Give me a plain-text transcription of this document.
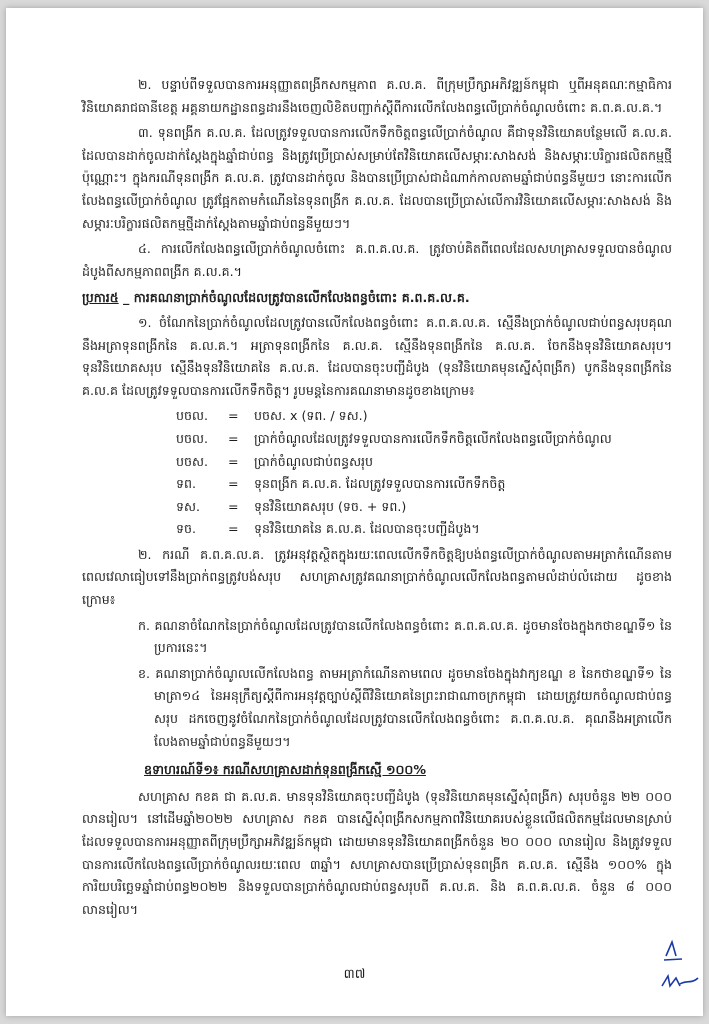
២. បន្ទាប់ពីទទួលបានការអនុញ្ញាតពង្រីកសកម្មភាព គ.ល.គ. ពីក្រុមប្រឹក្សាអភិវឌ្ឍន៍កម្ពុជា ឬពីអនុគណៈកម្មាធិការវិនិយោគរាជធានីខេត្ត អគ្គនាយកដ្ឋានពន្ធដារនឹងចេញលិខិតបញ្ជាក់ស្ដីពីការលើកលែងពន្ធលើប្រាក់ចំណូលចំពោះ គ.ព.គ.ល.គ.។

៣. ទុនពង្រីក គ.ល.គ. ដែលត្រូវទទួលបានការលើកទឹកចិត្តពន្ធលើប្រាក់ចំណូល គឺជាទុនវិនិយោគបន្ថែមលើ គ.ល.គ. ដែលបានដាក់ចូលដាក់ស្ដែងក្នុងឆ្នាំជាប់ពន្ធ និងត្រូវប្រើប្រាស់សម្រាប់តែវិនិយោគលើសម្ភារៈសាងសង់ និងសម្ភារៈបរិក្ខារផលិតកម្មថ្មីប៉ុណ្ណោះ។ ក្នុងករណីទុនពង្រីក គ.ល.គ. ត្រូវបានដាក់ចូល និងបានប្រើប្រាស់ជាដំណាក់កាលតាមឆ្នាំជាប់ពន្ធនីមួយៗ នោះការលើកលែងពន្ធលើប្រាក់ចំណូល ត្រូវផ្អែកតាមកំណើននៃទុនពង្រីក គ.ល.គ. ដែលបានប្រើប្រាស់លើការវិនិយោគលើសម្ភារៈសាងសង់ និងសម្ភារៈបរិក្ខារផលិតកម្មថ្មីដាក់ស្ដែងតាមឆ្នាំជាប់ពន្ធនីមួយៗ។

៤. ការលើកលែងពន្ធលើប្រាក់ចំណូលចំពោះ គ.ព.គ.ល.គ. ត្រូវចាប់គិតពីពេលដែលសហគ្រាសទទួលបានចំណូលដំបូងពីសកម្មភាពពង្រីក គ.ល.គ.។

ប្រការ៥ _ ការគណនាប្រាក់ចំណូលដែលត្រូវបានលើកលែងពន្ធចំពោះ គ.ព.គ.ល.គ.

១. ចំណែកនៃប្រាក់ចំណូលដែលត្រូវបានលើកលែងពន្ធចំពោះ គ.ព.គ.ល.គ. ស្មើនឹងប្រាក់ចំណូលជាប់ពន្ធសរុបគុណនឹងអត្រាទុនពង្រីកនៃ គ.ល.គ.។ អត្រាទុនពង្រីកនៃ គ.ល.គ. ស្មើនឹងទុនពង្រីកនៃ គ.ល.គ. ចែកនឹងទុនវិនិយោគសរុប។ ទុនវិនិយោគសរុប ស្មើនឹងទុនវិនិយោគនៃ គ.ល.គ. ដែលបានចុះបញ្ជីដំបូង (ទុនវិនិយោគមុនស្នើសុំពង្រីក) បូកនឹងទុនពង្រីកនៃ គ.ល.គ ដែលត្រូវទទួលបានការលើកទឹកចិត្ត។ រូបមន្តនៃការគណនាមានដូចខាងក្រោម៖

បចល.	=	បចស. x (ទព. / ទស.)
បចល.	=	ប្រាក់ចំណូលដែលត្រូវទទួលបានការលើកទឹកចិត្តលើកលែងពន្ធលើប្រាក់ចំណូល
បចស.	=	ប្រាក់ចំណូលជាប់ពន្ធសរុប
ទព.	=	ទុនពង្រីក គ.ល.គ. ដែលត្រូវទទួលបានការលើកទឹកចិត្ត
ទស.	=	ទុនវិនិយោគសរុប (ទច. + ទព.)
ទច.	=	ទុនវិនិយោគនៃ គ.ល.គ. ដែលបានចុះបញ្ជីដំបូង។

២. ករណី គ.ព.គ.ល.គ. ត្រូវអនុវត្តស្ថិតក្នុងរយៈពេលលើកទឹកចិត្តឱ្យបង់ពន្ធលើប្រាក់ចំណូលតាមអត្រាកំណើនតាមពេលវេលាធៀបទៅនឹងប្រាក់ពន្ធត្រូវបង់សរុប សហគ្រាសត្រូវគណនាប្រាក់ចំណូលលើកលែងពន្ធតាមលំដាប់លំដោយ ដូចខាងក្រោម៖

ក. គណនាចំណែកនៃប្រាក់ចំណូលដែលត្រូវបានលើកលែងពន្ធចំពោះ គ.ព.គ.ល.គ. ដូចមានចែងក្នុងកថាខណ្ឌទី១ នៃប្រការនេះ។

ខ. គណនាប្រាក់ចំណូលលើកលែងពន្ធ តាមអត្រាកំណើនតាមពេល ដូចមានចែងក្នុងវាក្យខណ្ឌ ខ នៃកថាខណ្ឌទី១ នៃមាត្រា១៤ នៃអនុក្រឹត្យស្ដីពីការអនុវត្តច្បាប់ស្ដីពីវិនិយោគនៃព្រះរាជាណាចក្រកម្ពុជា ដោយត្រូវយកចំណូលជាប់ពន្ធសរុប ដកចេញនូវចំណែកនៃប្រាក់ចំណូលដែលត្រូវបានលើកលែងពន្ធចំពោះ គ.ព.គ.ល.គ. គុណនឹងអត្រាលើកលែងតាមឆ្នាំជាប់ពន្ធនីមួយៗ។

ឧទាហរណ៍ទី១៖ ករណីសហគ្រាសដាក់ទុនពង្រីកស្មើ ១០០%

សហគ្រាស កខគ ជា គ.ល.គ. មានទុនវិនិយោគចុះបញ្ជីដំបូង (ទុនវិនិយោគមុនស្នើសុំពង្រីក) សរុបចំនួន ២២ ០០០ លានរៀល។ នៅដើមឆ្នាំ២០២២ សហគ្រាស កខគ បានស្នើសុំពង្រីកសកម្មភាពវិនិយោគរបស់ខ្លួនលើផលិតកម្មដែលមានស្រាប់ ដែលទទួលបានការអនុញ្ញាតពីក្រុមប្រឹក្សាអភិវឌ្ឍន៍កម្ពុជា ដោយមានទុនវិនិយោគពង្រីកចំនួន ២០ ០០០ លានរៀល និងត្រូវទទួលបានការលើកលែងពន្ធលើប្រាក់ចំណូលរយៈពេល ៣ឆ្នាំ។ សហគ្រាសបានប្រើប្រាស់ទុនពង្រីក គ.ល.គ. ស្មើនឹង ១០០% ក្នុងការិយបរិច្ឆេទឆ្នាំជាប់ពន្ធ២០២២ និងទទួលបានប្រាក់ចំណូលជាប់ពន្ធសរុបពី គ.ល.គ. និង គ.ព.គ.ល.គ. ចំនួន ៨ ០០០ លានរៀល។

៣៧
